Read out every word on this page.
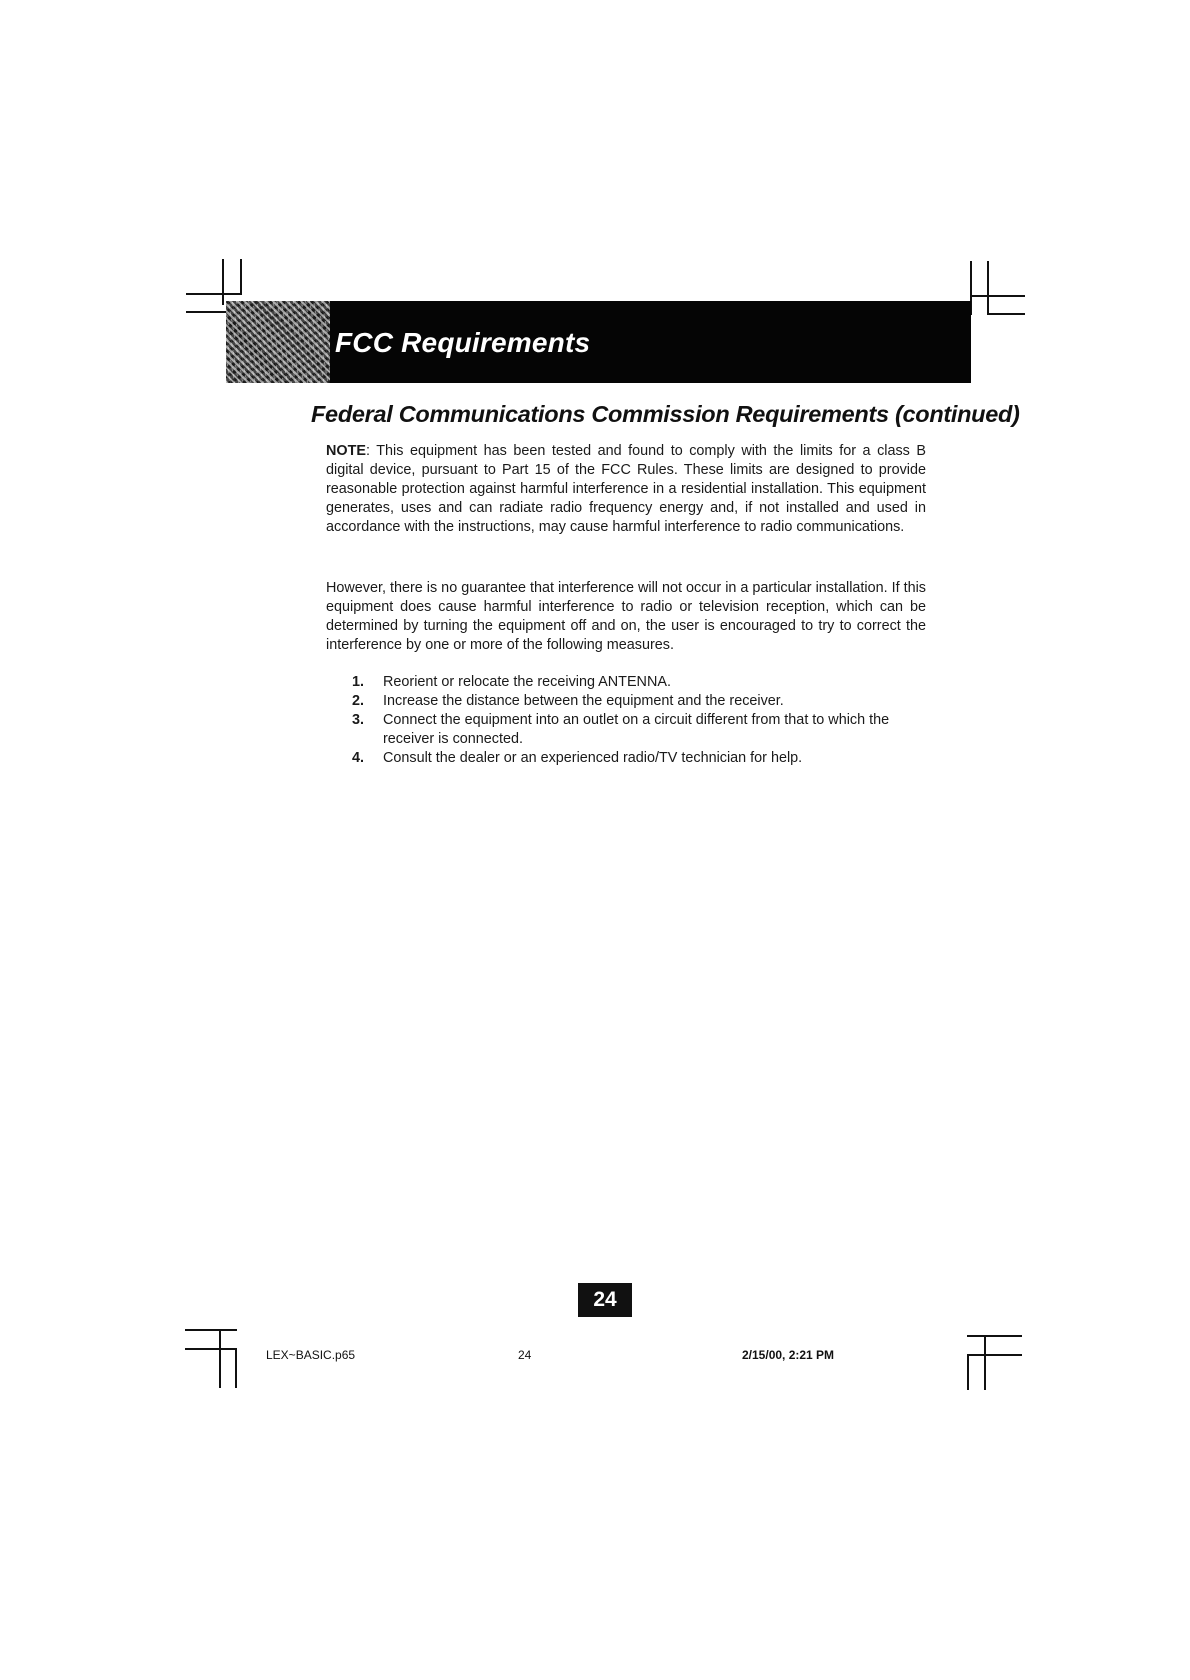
FCC Requirements
Federal Communications Commission Requirements (continued)
NOTE: This equipment has been tested and found to comply with the limits for a class B digital device, pursuant to Part 15 of the FCC Rules. These limits are designed to provide reasonable protection against harmful interference in a residential installation. This equipment generates, uses and can radiate radio frequency energy and, if not installed and used in accordance with the instructions, may cause harmful interference to radio communications.
However, there is no guarantee that interference will not occur in a particular installation. If this equipment does cause harmful interference to radio or television reception, which can be determined by turning the equipment off and on, the user is encouraged to try to correct the interference by one or more of the following measures.
1. Reorient or relocate the receiving ANTENNA.
2. Increase the distance between the equipment and the receiver.
3. Connect the equipment into an outlet on a circuit different from that to which the receiver is connected.
4. Consult the dealer or an experienced radio/TV technician for help.
24
LEX~BASIC.p65	24	2/15/00, 2:21 PM
